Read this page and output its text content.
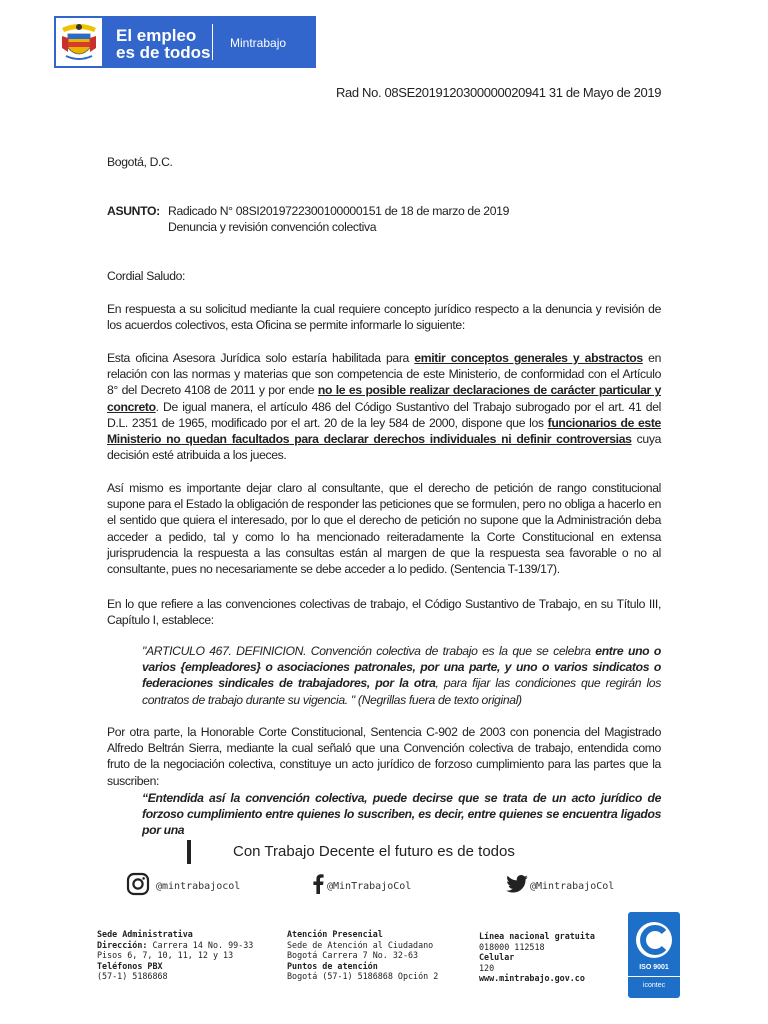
El empleo
es de todos Mintrabajo
Rad No. 08SE2019120300000020941 31 de Mayo de 2019
Bogotá, D.C.
ASUNTO: Radicado N° 08SI2019722300100000151 de 18 de marzo de 2019
Denuncia y revisión convención colectiva
Cordial Saludo:
En respuesta a su solicitud mediante la cual requiere concepto jurídico respecto a la denuncia y revisión de los acuerdos colectivos, esta Oficina se permite informarle lo siguiente:
Esta oficina Asesora Jurídica solo estaría habilitada para emitir conceptos generales y abstractos en relación con las normas y materias que son competencia de este Ministerio, de conformidad con el Artículo 8° del Decreto 4108 de 2011 y por ende no le es posible realizar declaraciones de carácter particular y concreto. De igual manera, el artículo 486 del Código Sustantivo del Trabajo subrogado por el art. 41 del D.L. 2351 de 1965, modificado por el art. 20 de la ley 584 de 2000, dispone que los funcionarios de este Ministerio no quedan facultados para declarar derechos individuales ni definir controversias cuya decisión esté atribuida a los jueces.
Así mismo es importante dejar claro al consultante, que el derecho de petición de rango constitucional supone para el Estado la obligación de responder las peticiones que se formulen, pero no obliga a hacerlo en el sentido que quiera el interesado, por lo que el derecho de petición no supone que la Administración deba acceder a pedido, tal y como lo ha mencionado reiteradamente la Corte Constitucional en extensa jurisprudencia la respuesta a las consultas están al margen de que la respuesta sea favorable o no al consultante, pues no necesariamente se debe acceder a lo pedido. (Sentencia T-139/17).
En lo que refiere a las convenciones colectivas de trabajo, el Código Sustantivo de Trabajo, en su Título III, Capítulo I, establece:
"ARTICULO 467. DEFINICION. Convención colectiva de trabajo es la que se celebra entre uno o varios {empleadores} o asociaciones patronales, por una parte, y uno o varios sindicatos o federaciones sindicales de trabajadores, por la otra, para fijar las condiciones que regirán los contratos de trabajo durante su vigencia. " (Negrillas fuera de texto original)
Por otra parte, la Honorable Corte Constitucional, Sentencia C-902 de 2003 con ponencia del Magistrado Alfredo Beltrán Sierra, mediante la cual señaló que una Convención colectiva de trabajo, entendida como fruto de la negociación colectiva, constituye un acto jurídico de forzoso cumplimiento para las partes que la suscriben:
“Entendida así la convención colectiva, puede decirse que se trata de un acto jurídico de forzoso cumplimiento entre quienes lo suscriben, es decir, entre quienes se encuentra ligados por una
Con Trabajo Decente el futuro es de todos
@mintrabajocol	@MinTrabajoCol	@MintrabajoCol
Sede Administrativa
Dirección: Carrera 14 No. 99-33
Pisos 6, 7, 10, 11, 12 y 13
Teléfonos PBX
(57-1) 5186868
Atención Presencial
Sede de Atención al Ciudadano
Bogotá Carrera 7 No. 32-63
Puntos de atención
Bogotá (57-1) 5186868 Opción 2
Línea nacional gratuita
018000 112518
Celular
120
www.mintrabajo.gov.co
ISO 9001
icontec
